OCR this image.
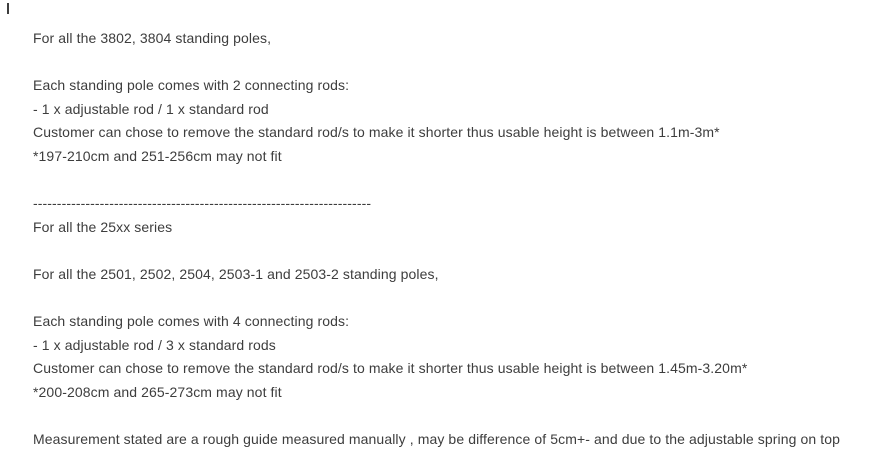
For all the 3802, 3804 standing poles,
Each standing pole comes with 2 connecting rods:
- 1 x adjustable rod / 1 x standard rod
Customer can chose to remove the standard rod/s to make it shorter thus usable height is between 1.1m-3m*
*197-210cm and 251-256cm may not fit
-----------------------------------------------------------------------
For all the 25xx series
For all the 2501, 2502, 2504, 2503-1 and 2503-2 standing poles,
Each standing pole comes with 4 connecting rods:
- 1 x adjustable rod / 3 x standard rods
Customer can chose to remove the standard rod/s to make it shorter thus usable height is between 1.45m-3.20m*
*200-208cm and 265-273cm may not fit
Measurement stated are a rough guide measured manually , may be difference of 5cm+- and due to the adjustable spring on top
